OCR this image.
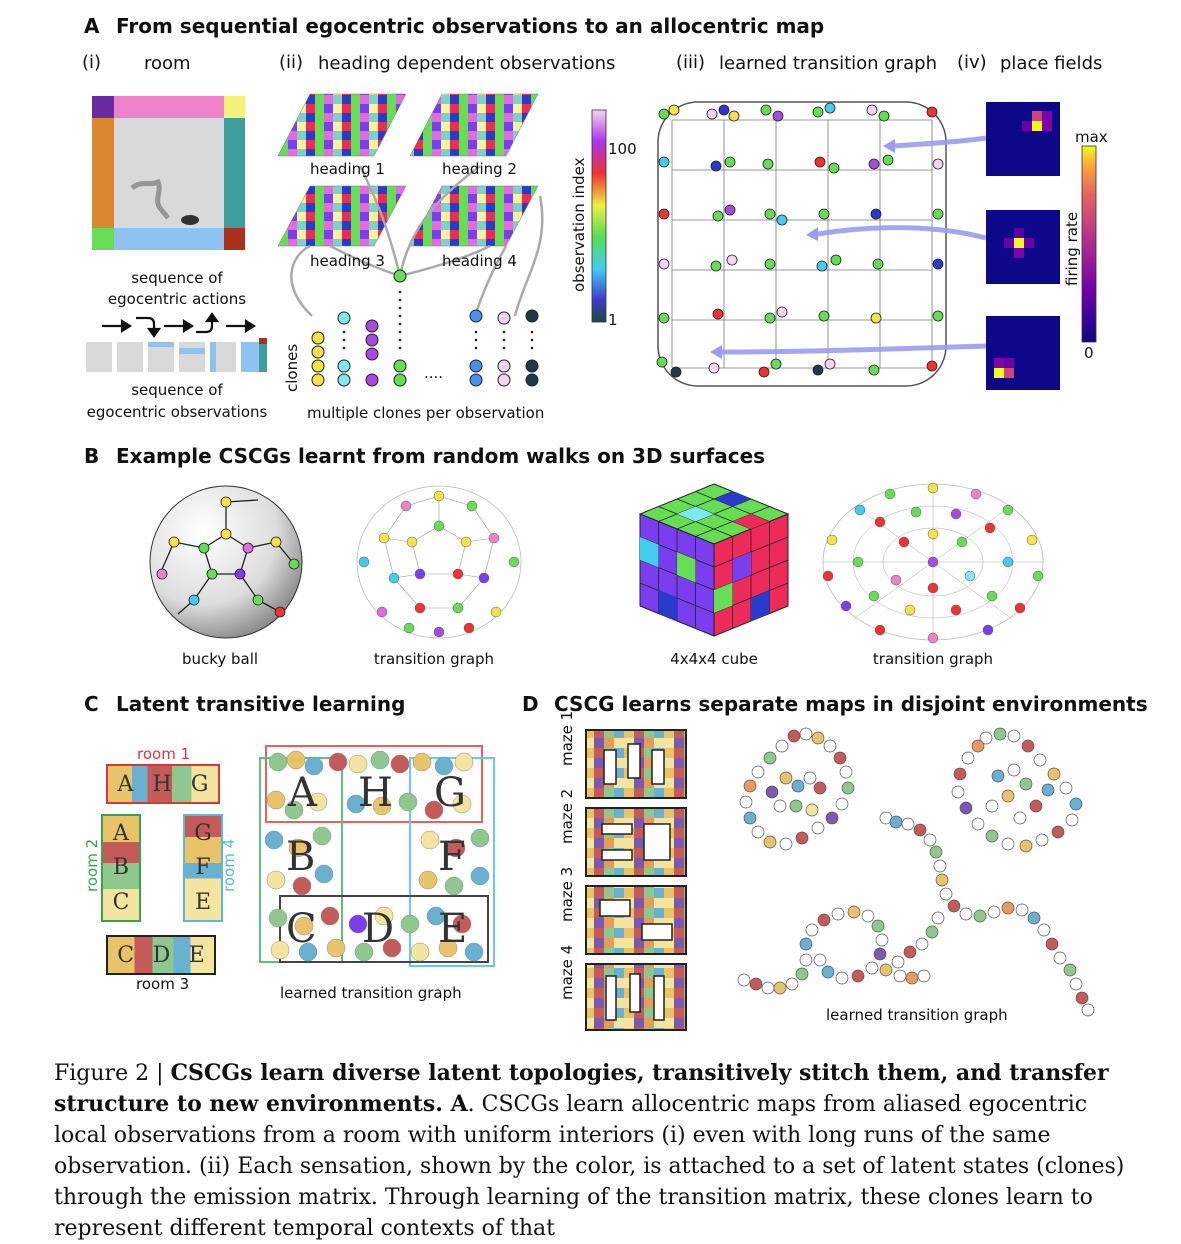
A From sequential egocentric observations to an allocentric map
(i) room	(ii) heading dependent observations	(iii) learned transition graph (iv) place fields
sequence of
egocentric actions
sequence of
egocentric observations
heading 1	heading 2
heading 3	heading 4
....
clones
multiple clones per observation
100
1
observation index
max
0
firing rate
B Example CSCGs learnt from random walks on 3D surfaces
bucky ball	transition graph	4x4x4 cube	transition graph
C Latent transitive learning
room 1
A H G
A
B
C
room 2
G
F
E
room 4
C D E
room 3
A H G
B	F
C D E
learned transition graph
D CSCG learns separate maps in disjoint environments
maze 1
maze 2
maze 3
maze 4
learned transition graph
Figure 2 | CSCGs learn diverse latent topologies, transitively stitch them, and transfer structure to new environments. A. CSCGs learn allocentric maps from aliased egocentric local observations from a room with uniform interiors (i) even with long runs of the same observation. (ii) Each sensation, shown by the color, is attached to a set of latent states (clones) through the emission matrix. Through learning of the transition matrix, these clones learn to represent different temporal contexts of that
